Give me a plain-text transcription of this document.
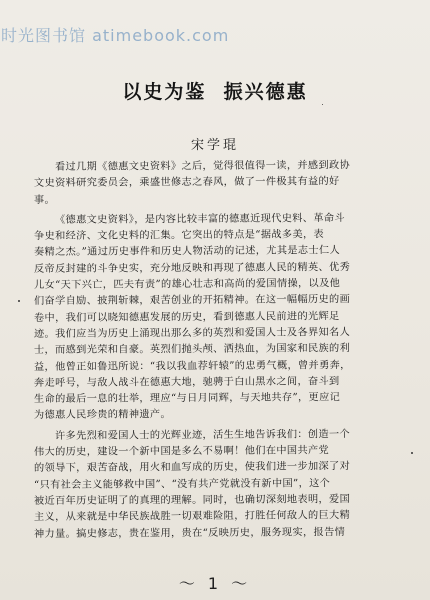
时光图书馆 atimebook.com
以史为鉴  振兴德惠
宋学琨
看过几期《德惠文史资料》之后，觉得很值得一读，并感到政协
文史资料研究委员会，乘盛世修志之春风，做了一件极其有益的好
事。
《德惠文史资料》，是内容比较丰富的德惠近现代史料、革命斗
争史和经济、文化史料的汇集。它突出的特点是“据战多美，表
奏精之杰。”通过历史事件和历史人物活动的记述，尤其是志士仁人
反帝反封建的斗争史实，充分地反映和再现了德惠人民的精英、优秀
儿女“天下兴亡，匹夫有责”的雄心壮志和高尚的爱国情操，以及他
们奋学自励、披荆斩棘，艰苦创业的开拓精神。在这一幅幅历史的画
卷中，我们可以晓知德惠发展的历史，看到德惠人民前进的光辉足
迹。我们应当为历史上涌现出那么多的英烈和爱国人士及各界知名人
士，而感到光荣和自豪。英烈们抛头颅、洒热血，为国家和民族的利
益，他曾正如鲁迅所说：“我以我血荐轩辕”的忠勇气概，曾并勇奔，
奔走呼号，与敌人战斗在德惠大地，驰骋于白山黑水之间，奋斗到
生命的最后一息的壮举，理应“与日月同辉，与天地共存”，更应记
为德惠人民珍贵的精神遗产。
许多先烈和爱国人士的光辉业迹，活生生地告诉我们：创造一个
伟大的历史，建设一个新中国是多么不易啊！他们在中国共产党
的领导下，艰苦奋战，用火和血写成的历史，使我们进一步加深了对
“只有社会主义能够救中国”、“没有共产党就没有新中国”，这个
被近百年历史证明了的真理的理解。同时，也确切深刻地表明，爱国
主义，从来就是中华民族战胜一切艰难险阻，打胜任何敌人的巨大精
神力量。搞史修志，贵在鉴用，贵在“反映历史，服务现实，报告情
～ 1 ～
